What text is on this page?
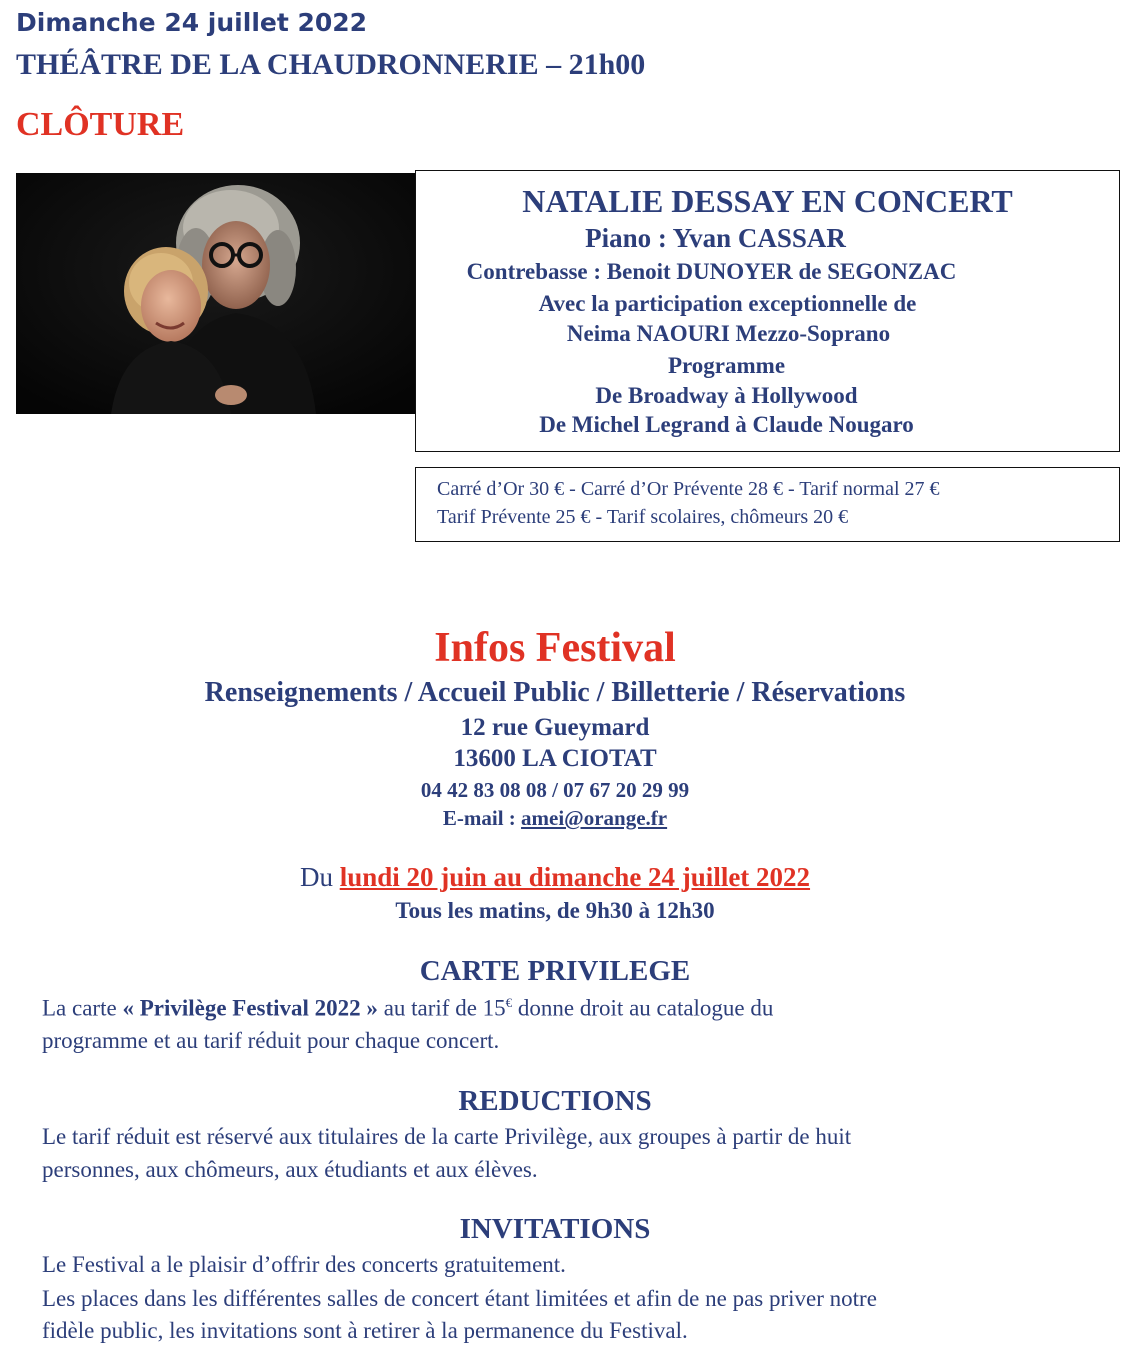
Dimanche 24 juillet 2022
THÉÂTRE DE LA CHAUDRONNERIE – 21h00
CLÔTURE
NATALIE DESSAY EN CONCERT
Piano : Yvan CASSAR
Contrebasse : Benoit DUNOYER de SEGONZAC
Avec la participation exceptionnelle de
Neima NAOURI Mezzo-Soprano
Programme
De Broadway à Hollywood
De Michel Legrand à Claude Nougaro
Carré d’Or 30 € - Carré d’Or Prévente 28 € - Tarif normal 27 €
Tarif Prévente 25 € - Tarif scolaires, chômeurs 20 €
Infos Festival
Renseignements / Accueil Public / Billetterie / Réservations
12 rue Gueymard
13600 LA CIOTAT
04 42 83 08 08 / 07 67 20 29 99
E-mail : amei@orange.fr
Du lundi 20 juin au dimanche 24 juillet 2022
Tous les matins, de 9h30 à 12h30
CARTE PRIVILEGE
La carte « Privilège Festival 2022 » au tarif de 15€ donne droit au catalogue du
programme et au tarif réduit pour chaque concert.
REDUCTIONS
Le tarif réduit est réservé aux titulaires de la carte Privilège, aux groupes à partir de huit
personnes, aux chômeurs, aux étudiants et aux élèves.
INVITATIONS
Le Festival a le plaisir d’offrir des concerts gratuitement.
Les places dans les différentes salles de concert étant limitées et afin de ne pas priver notre
fidèle public, les invitations sont à retirer à la permanence du Festival.
